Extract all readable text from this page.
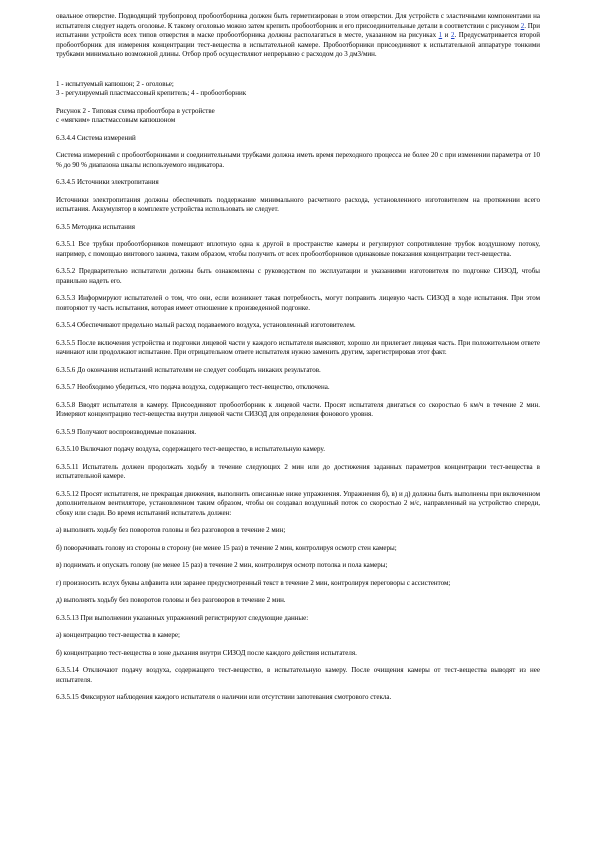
овальное отверстие. Подводящий трубопровод пробоотборника должен быть герметизирован в этом отверстии. Для устройств с эластичными компонентами на испытателя следует надеть оголовье. К такому оголовью можно затем крепить пробоотборник и его присоединительные детали в соответствии с рисунком 2. При испытании устройств всех типов отверстия в маске пробоотборника должны располагаться в месте, указанном на рисунках 1 и 2. Предусматривается второй пробоотборник для измерения концентрации тест-вещества в испытательной камере. Пробоотборники присоединяют к испытательной аппаратуре тонкими трубками минимально возможной длины. Отбор проб осуществляют непрерывно с расходом до 3 дм3/мин.

1 - испытуемый капюшон; 2 - оголовье;

3 - регулируемый пластмассовый крепитель; 4 - пробоотборник

Рисунок 2 - Типовая схема пробоотбора в устройстве

с «мягким» пластмассовым капюшоном

6.3.4.4 Система измерений

Система измерений с пробоотборниками и соединительными трубками должна иметь время переходного процесса не более 20 с при изменении параметра от 10 % до 90 % диапазона шкалы используемого индикатора.

6.3.4.5 Источники электропитания

Источники электропитания должны обеспечивать поддержание минимального расчетного расхода, установленного изготовителем на протяжении всего испытания. Аккумулятор в комплекте устройства использовать не следует.

6.3.5 Методика испытания

6.3.5.1 Все трубки пробоотборников помещают вплотную одна к другой в пространстве камеры и регулируют сопротивление трубок воздушному потоку, например, с помощью винтового зажима, таким образом, чтобы получить от всех пробоотборников одинаковые показания концентрации тест-вещества.

6.3.5.2 Предварительно испытатели должны быть ознакомлены с руководством по эксплуатации и указаниями изготовителя по подгонке СИЗОД, чтобы правильно надеть его.

6.3.5.3 Информируют испытателей о том, что они, если возникнет такая потребность, могут поправить лицевую часть СИЗОД в ходе испытания. При этом повторяют ту часть испытания, которая имеет отношение к произведенной подгонке.

6.3.5.4 Обеспечивают предельно малый расход подаваемого воздуха, установленный изготовителем.

6.3.5.5 После включения устройства и подгонки лицевой части у каждого испытателя выясняют, хорошо ли прилегает лицевая часть. При положительном ответе начинают или продолжают испытание. При отрицательном ответе испытателя нужно заменить другим, зарегистрировав этот факт.

6.3.5.6 До окончания испытаний испытателям не следует сообщать никаких результатов.

6.3.5.7 Необходимо убедиться, что подача воздуха, содержащего тест-вещество, отключена.

6.3.5.8 Вводят испытателя в камеру. Присоединяют пробоотборник к лицевой части. Просят испытателя двигаться со скоростью 6 км/ч в течение 2 мин. Измеряют концентрацию тест-вещества внутри лицевой части СИЗОД для определения фонового уровня.

6.3.5.9 Получают воспроизводимые показания.

6.3.5.10 Включают подачу воздуха, содержащего тест-вещество, в испытательную камеру.

6.3.5.11 Испытатель должен продолжать ходьбу в течение следующих 2 мин или до достижения заданных параметров концентрации тест-вещества в испытательной камере.

6.3.5.12 Просят испытателя, не прекращая движения, выполнить описанные ниже упражнения. Упражнения б), в) и д) должны быть выполнены при включенном дополнительном вентиляторе, установленном таким образом, чтобы он создавал воздушный поток со скоростью 2 м/с, направленный на устройство спереди, сбоку или сзади. Во время испытаний испытатель должен:

а) выполнять ходьбу без поворотов головы и без разговоров в течение 2 мин;

б) поворачивать голову из стороны в сторону (не менее 15 раз) в течение 2 мин, контролируя осмотр стен камеры;

в) поднимать и опускать голову (не менее 15 раз) в течение 2 мин, контролируя осмотр потолка и пола камеры;

г) произносить вслух буквы алфавита или заранее предусмотренный текст в течение 2 мин, контролируя переговоры с ассистентом;

д) выполнять ходьбу без поворотов головы и без разговоров в течение 2 мин.

6.3.5.13 При выполнении указанных упражнений регистрируют следующие данные:

а) концентрацию тест-вещества в камере;

б) концентрацию тест-вещества в зоне дыхания внутри СИЗОД после каждого действия испытателя.

6.3.5.14 Отключают подачу воздуха, содержащего тест-вещество, в испытательную камеру. После очищения камеры от тест-вещества выводят из нее испытателя.

6.3.5.15 Фиксируют наблюдения каждого испытателя о наличии или отсутствии запотевания смотрового стекла.
